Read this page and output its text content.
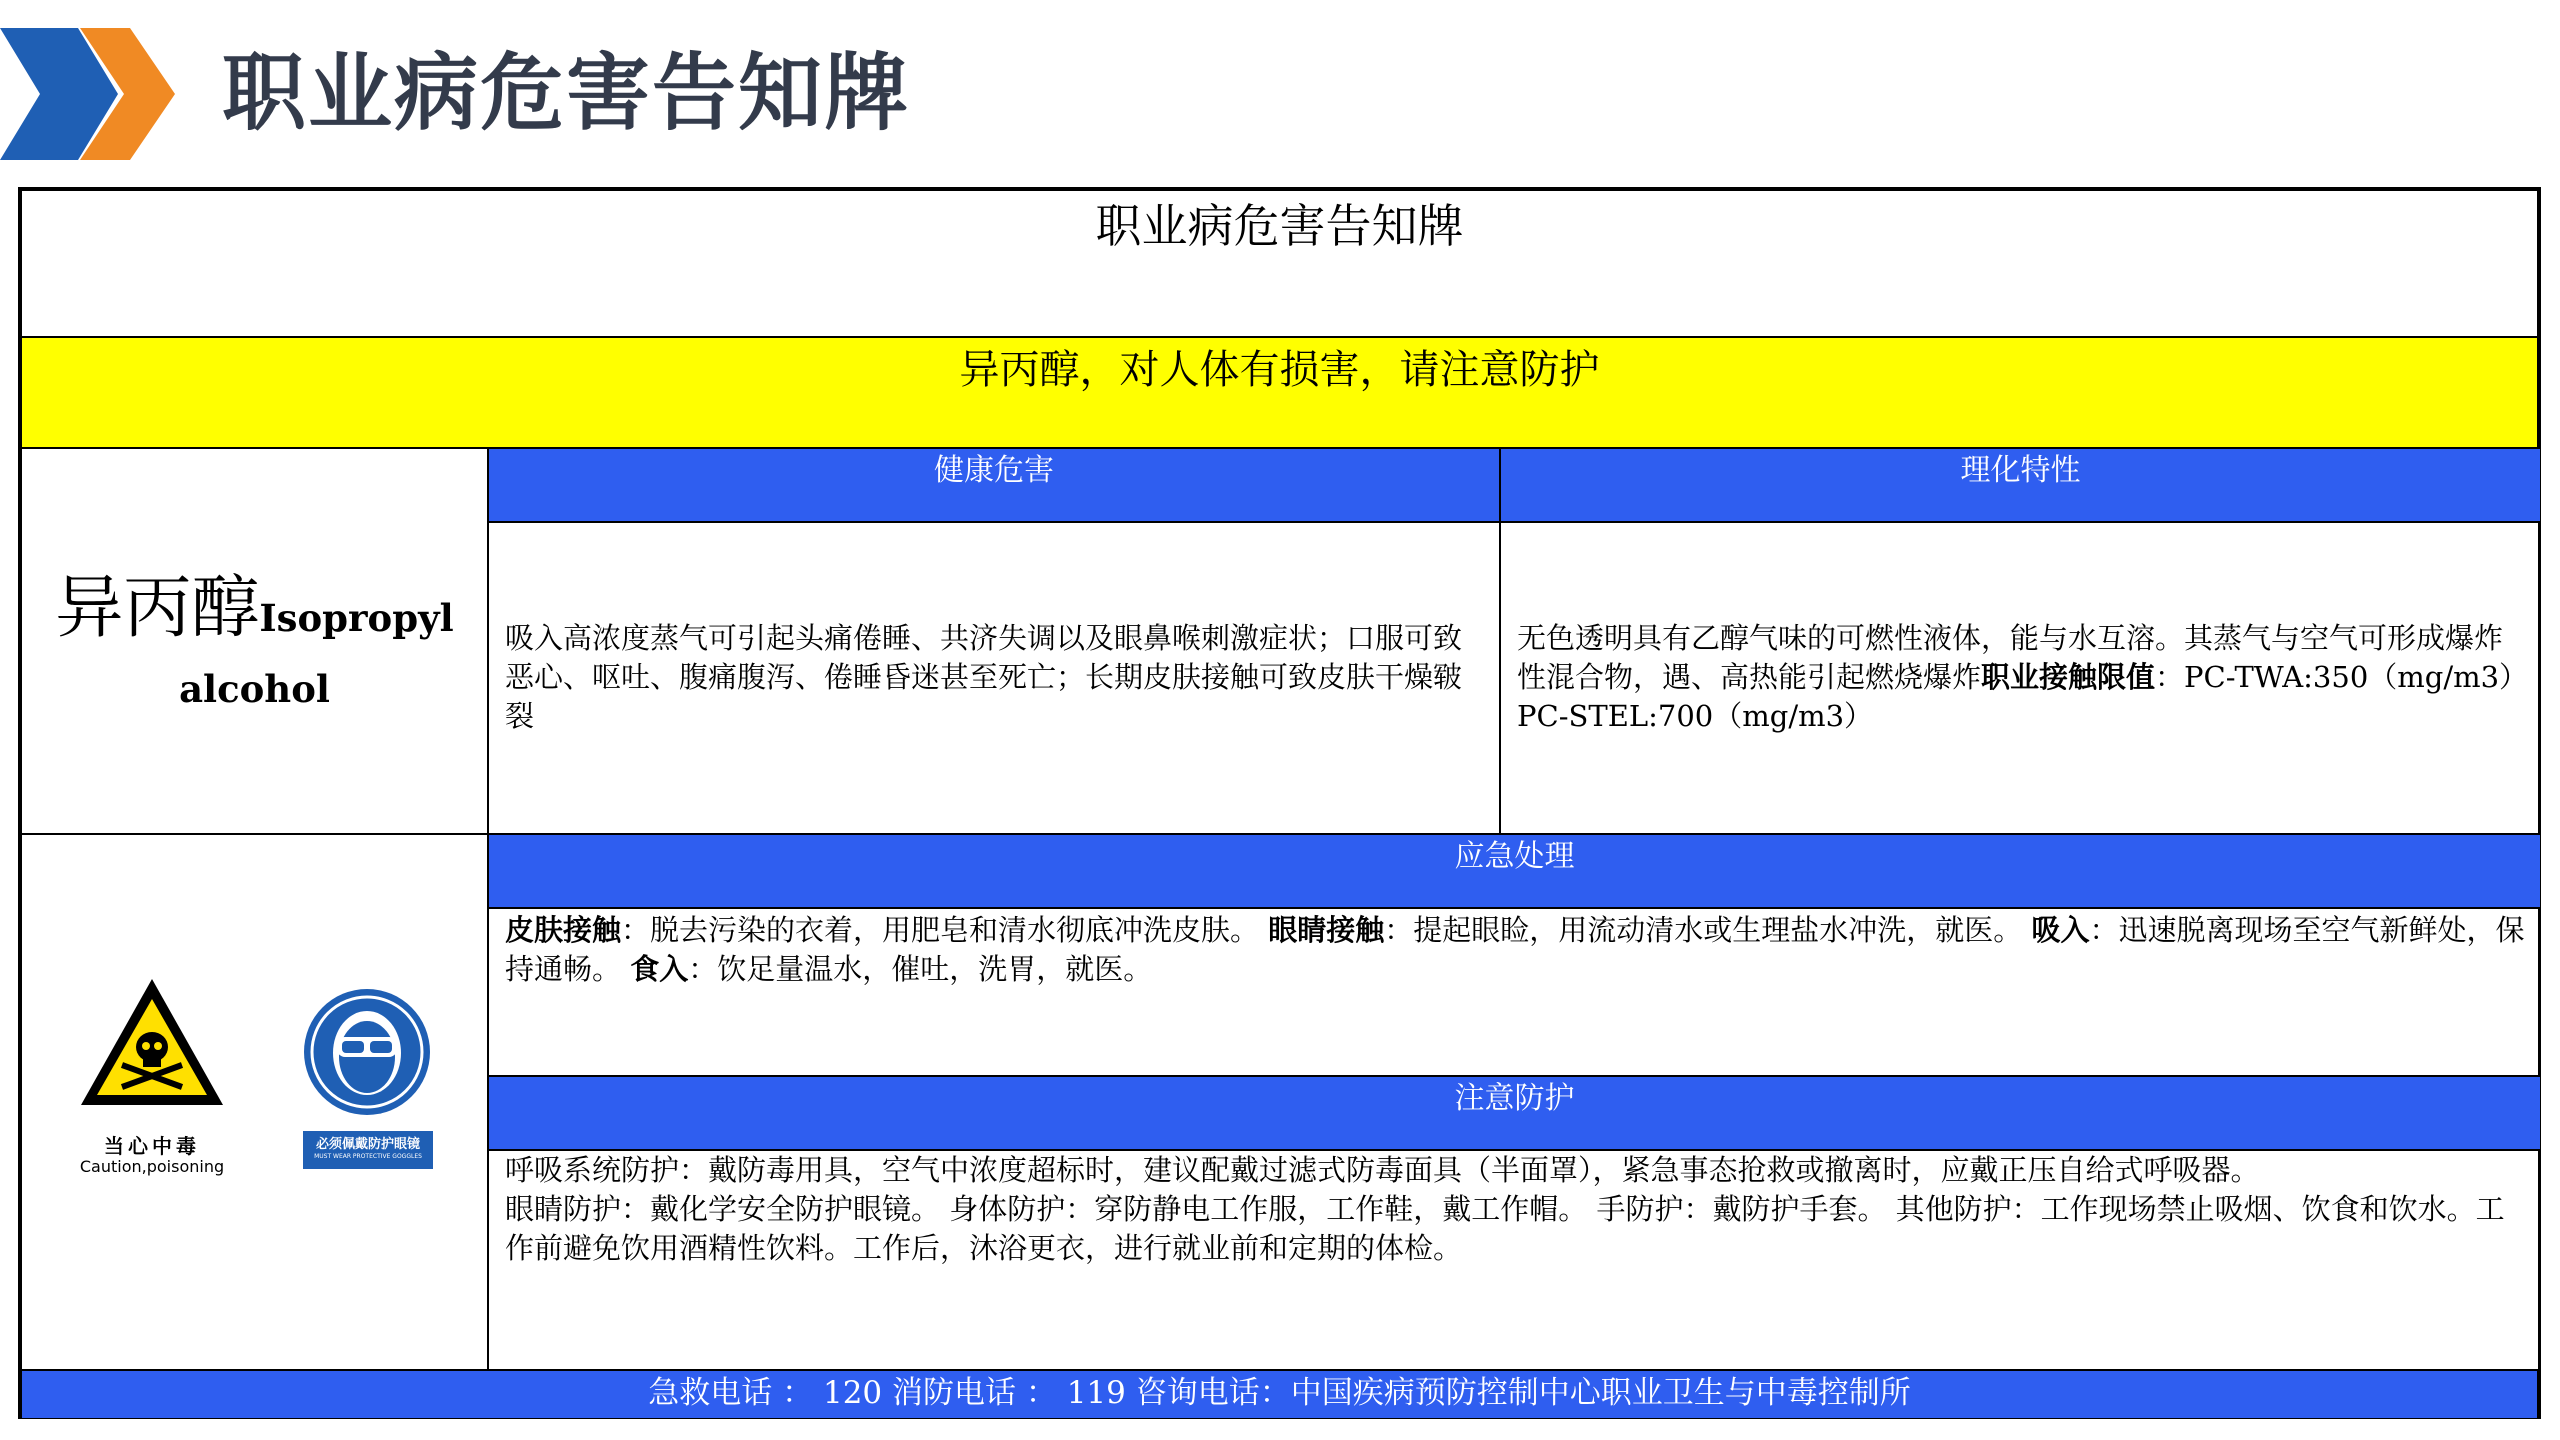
职业病危害告知牌
职业病危害告知牌
异丙醇，对人体有损害，请注意防护
异丙醇Isopropyl
alcohol
健康危害
吸入高浓度蒸气可引起头痛倦睡、共济失调以及眼鼻喉刺激症状；口服可致恶心、呕吐、腹痛腹泻、倦睡昏迷甚至死亡；长期皮肤接触可致皮肤干燥皲裂
理化特性
无色透明具有乙醇气味的可燃性液体，能与水互溶。其蒸气与空气可形成爆炸性混合物，遇、高热能引起燃烧爆炸职业接触限值：PC-TWA:350（mg/m3）PC-STEL:700（mg/m3）
当心中毒
Caution,poisoning
必须佩戴防护眼镜
MUST WEAR PROTECTIVE GOGGLES
应急处理
皮肤接触：脱去污染的衣着，用肥皂和清水彻底冲洗皮肤。 眼睛接触：提起眼睑，用流动清水或生理盐水冲洗，就医。 吸入：迅速脱离现场至空气新鲜处，保持通畅。 食入：饮足量温水，催吐，洗胃，就医。
注意防护
呼吸系统防护：戴防毒用具，空气中浓度超标时，建议配戴过滤式防毒面具（半面罩），紧急事态抢救或撤离时，应戴正压自给式呼吸器。
眼睛防护：戴化学安全防护眼镜。 身体防护：穿防静电工作服，工作鞋，戴工作帽。 手防护：戴防护手套。 其他防护：工作现场禁止吸烟、饮食和饮水。工作前避免饮用酒精性饮料。工作后，沐浴更衣，进行就业前和定期的体检。
急救电话 ： 120 消防电话 ： 119 咨询电话：中国疾病预防控制中心职业卫生与中毒控制所
